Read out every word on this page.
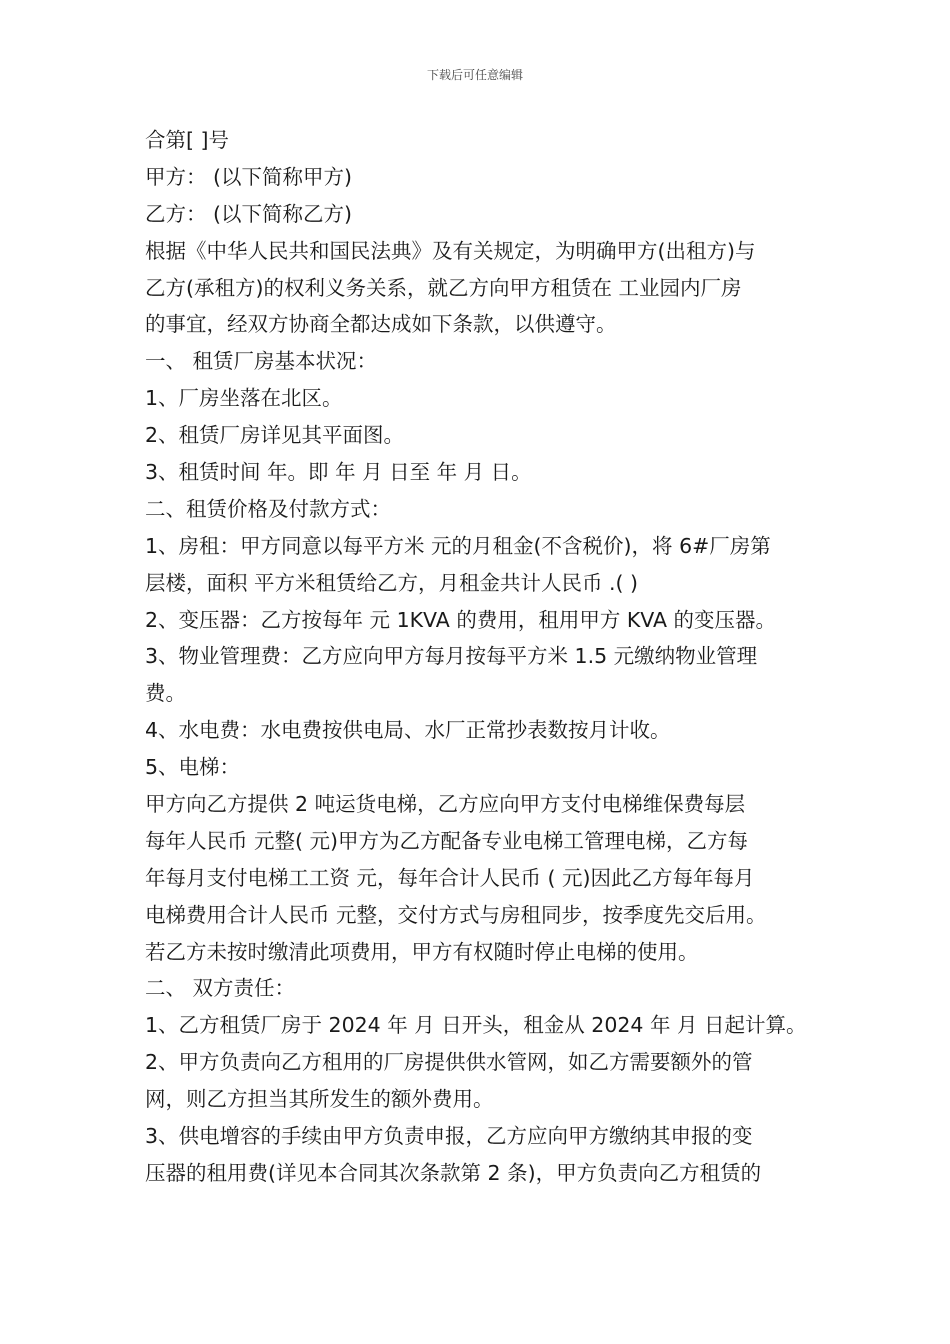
下载后可任意编辑
合第[ ]号
甲方： (以下简称甲方)
乙方： (以下简称乙方)
根据《中华人民共和国民法典》及有关规定，为明确甲方(出租方)与
乙方(承租方)的权利义务关系，就乙方向甲方租赁在 工业园内厂房
的事宜，经双方协商全都达成如下条款，以供遵守。
一、 租赁厂房基本状况：
1、厂房坐落在北区。
2、租赁厂房详见其平面图。
3、租赁时间 年。即 年 月 日至 年 月 日。
二、租赁价格及付款方式：
1、房租：甲方同意以每平方米 元的月租金(不含税价)，将 6#厂房第
层楼，面积 平方米租赁给乙方，月租金共计人民币 .( )
2、变压器：乙方按每年 元 1KVA 的费用，租用甲方 KVA 的变压器。
3、物业管理费：乙方应向甲方每月按每平方米 1.5 元缴纳物业管理
费。
4、水电费：水电费按供电局、水厂正常抄表数按月计收。
5、电梯：
甲方向乙方提供 2 吨运货电梯，乙方应向甲方支付电梯维保费每层
每年人民币 元整( 元)甲方为乙方配备专业电梯工管理电梯，乙方每
年每月支付电梯工工资 元，每年合计人民币 ( 元)因此乙方每年每月
电梯费用合计人民币 元整，交付方式与房租同步，按季度先交后用。
若乙方未按时缴清此项费用，甲方有权随时停止电梯的使用。
二、 双方责任：
1、乙方租赁厂房于 2024 年 月 日开头，租金从 2024 年 月 日起计算。
2、甲方负责向乙方租用的厂房提供供水管网，如乙方需要额外的管
网，则乙方担当其所发生的额外费用。
3、供电增容的手续由甲方负责申报，乙方应向甲方缴纳其申报的变
压器的租用费(详见本合同其次条款第 2 条)，甲方负责向乙方租赁的
